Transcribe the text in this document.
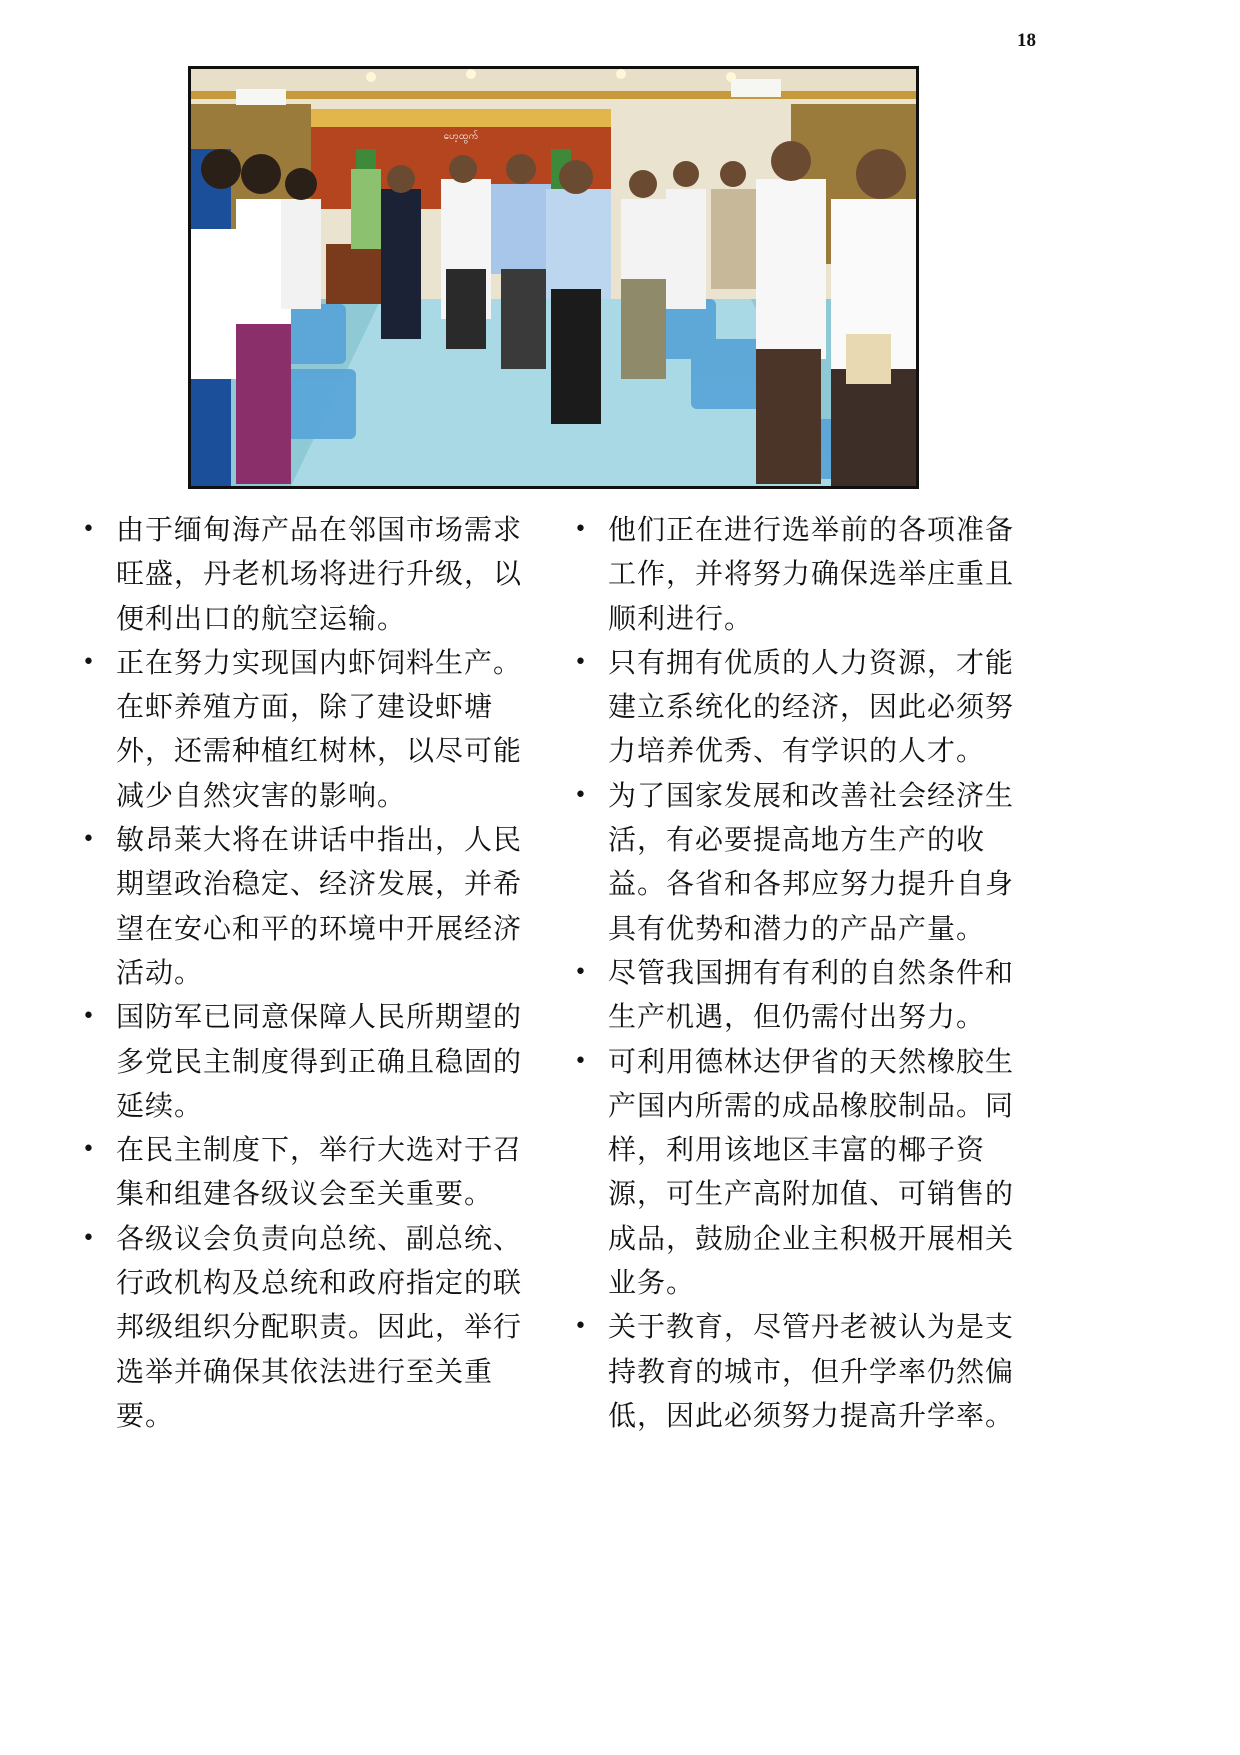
18
ဟေ့ထွက်
• 由于缅甸海产品在邻国市场需求旺盛，丹老机场将进行升级，以便利出口的航空运输。
• 正在努力实现国内虾饲料生产。在虾养殖方面，除了建设虾塘外，还需种植红树林，以尽可能减少自然灾害的影响。
• 敏昂莱大将在讲话中指出，人民期望政治稳定、经济发展，并希望在安心和平的环境中开展经济活动。
• 国防军已同意保障人民所期望的多党民主制度得到正确且稳固的延续。
• 在民主制度下，举行大选对于召集和组建各级议会至关重要。
• 各级议会负责向总统、副总统、行政机构及总统和政府指定的联邦级组织分配职责。因此，举行选举并确保其依法进行至关重要。
• 他们正在进行选举前的各项准备工作，并将努力确保选举庄重且顺利进行。
• 只有拥有优质的人力资源，才能建立系统化的经济，因此必须努力培养优秀、有学识的人才。
• 为了国家发展和改善社会经济生活，有必要提高地方生产的收益。各省和各邦应努力提升自身具有优势和潜力的产品产量。
• 尽管我国拥有有利的自然条件和生产机遇，但仍需付出努力。
• 可利用德林达伊省的天然橡胶生产国内所需的成品橡胶制品。同样，利用该地区丰富的椰子资源，可生产高附加值、可销售的成品，鼓励企业主积极开展相关业务。
• 关于教育，尽管丹老被认为是支持教育的城市，但升学率仍然偏低，因此必须努力提高升学率。
